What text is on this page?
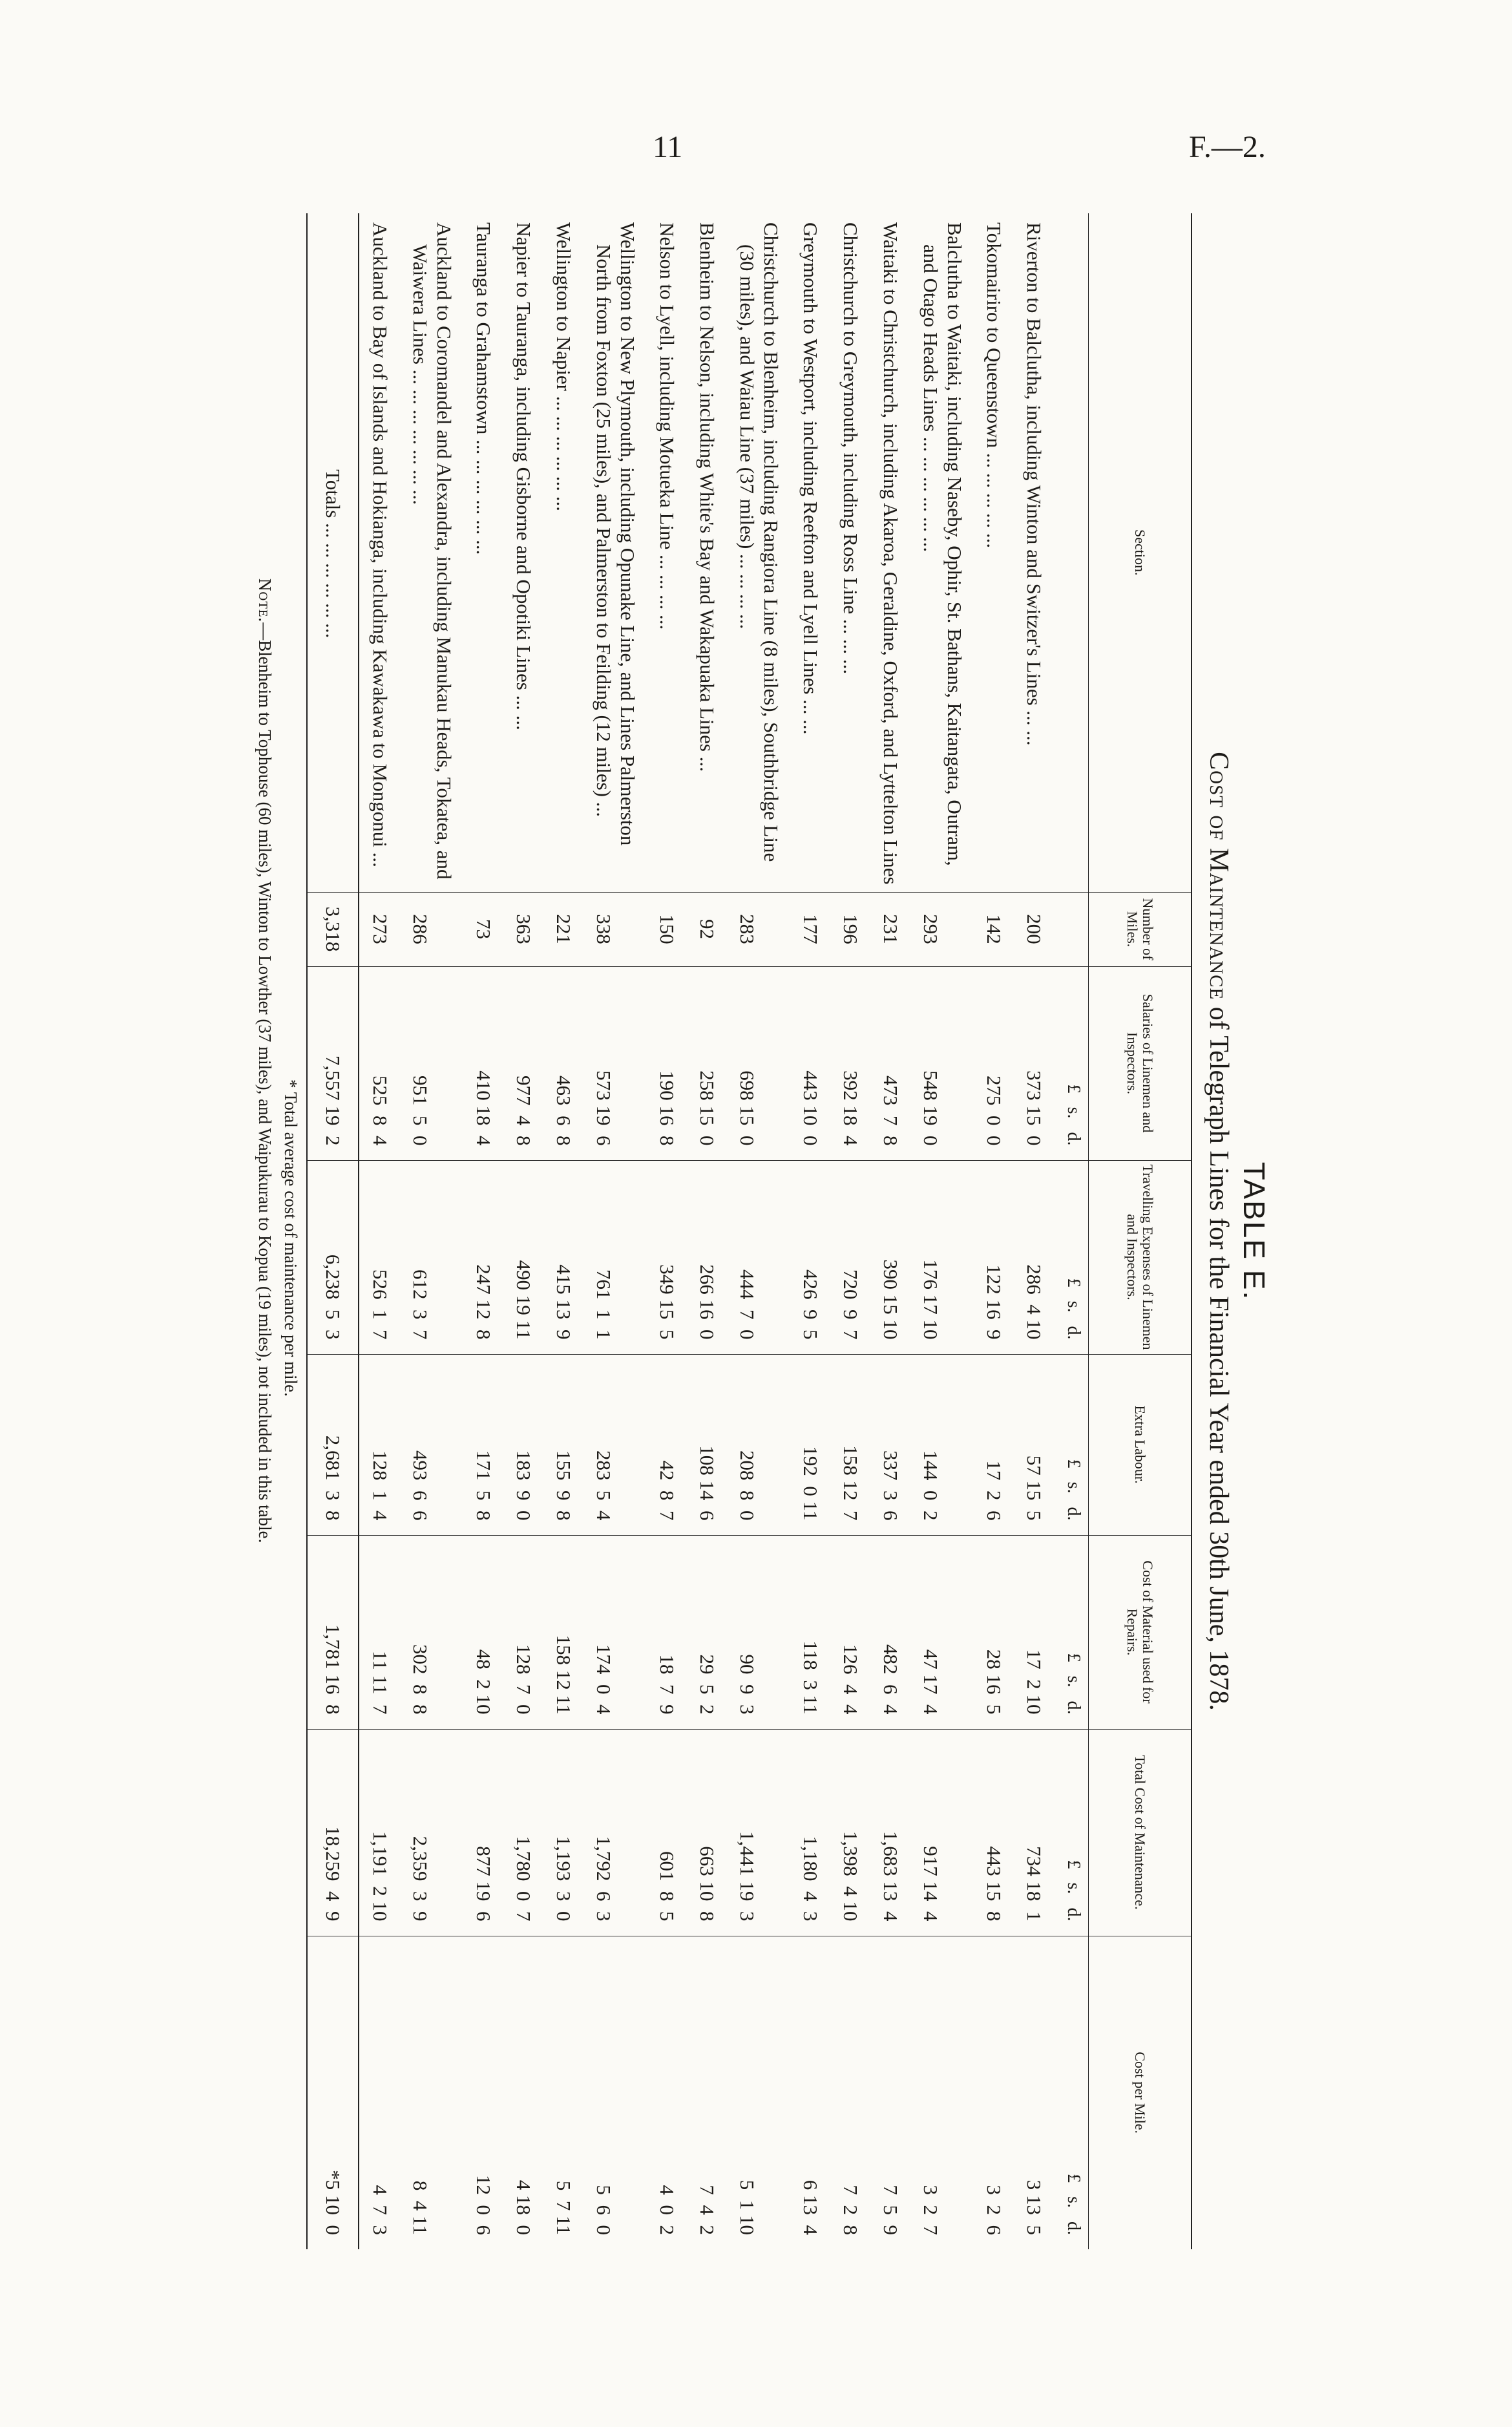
11	F.—2.
TABLE E.
Cost of Maintenance of Telegraph Lines for the Financial Year ended 30th June, 1878.
Section.	Number of Miles.	Salaries of Linemen and Inspectors.	Travelling Expenses of Linemen and Inspectors.	Extra Labour.	Cost of Material used for Repairs.	Total Cost of Maintenance.	Cost per Mile.
		£   s.   d.	£   s.   d.	£   s.   d.	£   s.   d.	£   s.   d.	£   s.   d.

Riverton to Balclutha, including Winton and Switzer's Lines ... ...	200	373 15  0	286  4 10	57 15  5	17  2 10	734 18  1	3 13  5

Tokomairiro to Queenstown ... ... ... ... ...	142	275  0  0	122 16  9	17  2  6	28 16  5	443 15  8	3  2  6

Balclutha to Waitaki, including Naseby, Ophir, St. Bathans, Kaitangata, Outram, and Otago Heads Lines ... ... ... ... ... ...	293	548 19  0	176 17 10	144  0  2	47 17  4	917 14  4	3  2  7

Waitaki to Christchurch, including Akaroa, Geraldine, Oxford, and Lyttelton Lines	231	473  7  8	390 15 10	337  3  6	482  6  4	1,683 13  4	7  5  9

Christchurch to Greymouth, including Ross Line ... ... ...	196	392 18  4	720  9  7	158 12  7	126  4  4	1,398  4 10	7  2  8

Greymouth to Westport, including Reefton and Lyell Lines ... ...	177	443 10  0	426  9  5	192  0 11	118  3 11	1,180  4  3	6 13  4

Christchurch to Blenheim, including Rangiora Line (8 miles), Southbridge Line (30 miles), and Waiau Line (37 miles) ... ... ... ...	283	698 15  0	444  7  0	208  8  0	90  9  3	1,441 19  3	5  1 10

Blenheim to Nelson, including White's Bay and Wakapuaka Lines ...	92	258 15  0	266 16  0	108 14  6	29  5  2	663 10  8	7  4  2

Nelson to Lyell, including Motueka Line ... ... ... ...	150	190 16  8	349 15  5	42  8  7	18  7  9	601  8  5	4  0  2

Wellington to New Plymouth, including Opunake Line, and Lines Palmerston North from Foxton (25 miles), and Palmerston to Feilding (12 miles) ...	338	573 19  6	761  1  1	283  5  4	174  0  4	1,792  6  3	5  6  0

Wellington to Napier ... ... ... ... ... ...	221	463  6  8	415 13  9	155  9  8	158 12 11	1,193  3  0	5  7 11

Napier to Tauranga, including Gisborne and Opotiki Lines ... ...	363	977  4  8	490 19 11	183  9  0	128  7  0	1,780  0  7	4 18  0

Tauranga to Grahamstown ... ... ... ... ... ...	73	410 18  4	247 12  8	171  5  8	48  2 10	877 19  6	12  0  6

Auckland to Coromandel and Alexandra, including Manukau Heads, Tokatea, and Waiwera Lines ... ... ... ... ... ... ...	286	951  5  0	612  3  7	493  6  6	302  8  8	2,359  3  9	8  4 11

Auckland to Bay of Islands and Hokianga, including Kawakawa to Mongonui ...	273	525  8  4	526  1  7	128  1  4	11 11  7	1,191  2 10	4  7  3

Totals ... ... ... ... ... ...	3,318	7,557 19  2	6,238  5  3	2,681  3  8	1,781 16  8	18,259  4  9	*5 10  0
* Total average cost of maintenance per mile.
Note.—Blenheim to Tophouse (60 miles), Winton to Lowther (37 miles), and Waipukurau to Kopua (19 miles), not included in this table.
